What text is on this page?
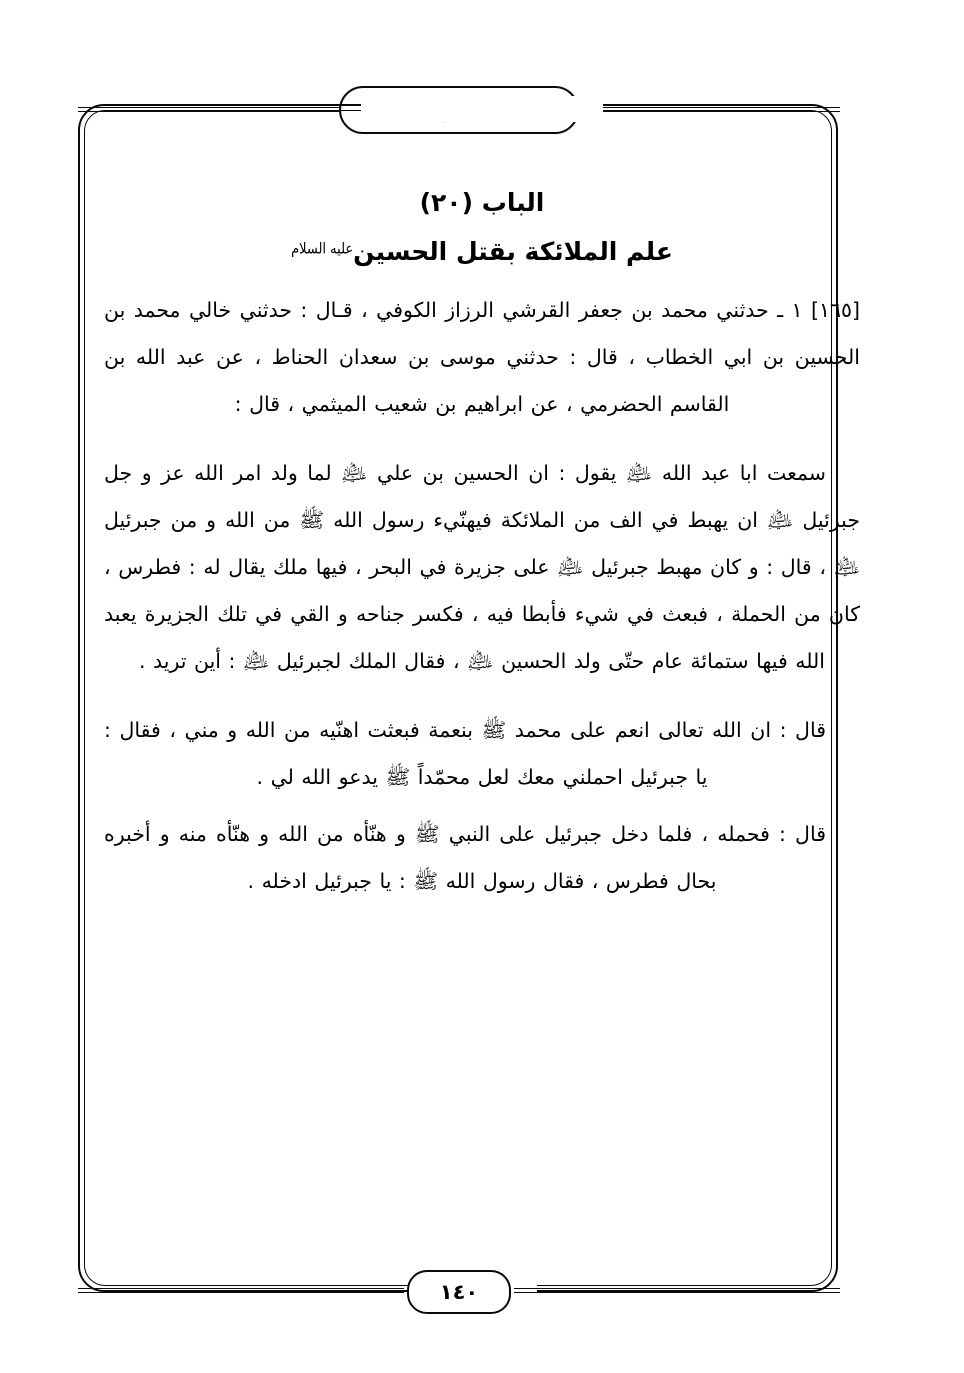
الباب (٢٠)
علم الملائكة بقتل الحسينعليه السلام

[١٦٥] ١ ـ حدثني محمد بن جعفر القرشي الرزاز الكوفي ، قـال : حدثني خالي محمد بن الحسين بن ابي الخطاب ، قال : حدثني موسى بن سعدان الحناط ، عن عبد الله بن القاسم الحضرمي ، عن ابراهيم بن شعيب الميثمي ، قال :

سمعت ابا عبد الله ﵇ يقول : ان الحسين بن علي ﵇ لما ولد امر الله عز و جل جبرئيل ﵇ ان يهبط في الف من الملائكة فيهنّيء رسول الله ﷺ من الله و من جبرئيل ﵇ ، قال : و كان مهبط جبرئيل ﵇ على جزيرة في البحر ، فيها ملك يقال له : فطرس ، كان من الحملة ، فبعث في شيء فأبطا فيه ، فكسر جناحه و القي في تلك الجزيرة يعبد الله فيها ستمائة عام حتّى ولد الحسين ﵇ ، فقال الملك لجبرئيل ﵇ : أين تريد .

قال : ان الله تعالى انعم على محمد ﷺ بنعمة فبعثت اهنّيه من الله و مني ، فقال : يا جبرئيل احملني معك لعل محمّداً ﷺ يدعو الله لي .

قال : فحمله ، فلما دخل جبرئيل على النبي ﷺ و هنّأه من الله و هنّأه منه و أخبره بحال فطرس ، فقال رسول الله ﷺ : يا جبرئيل ادخله .

١٤٠
